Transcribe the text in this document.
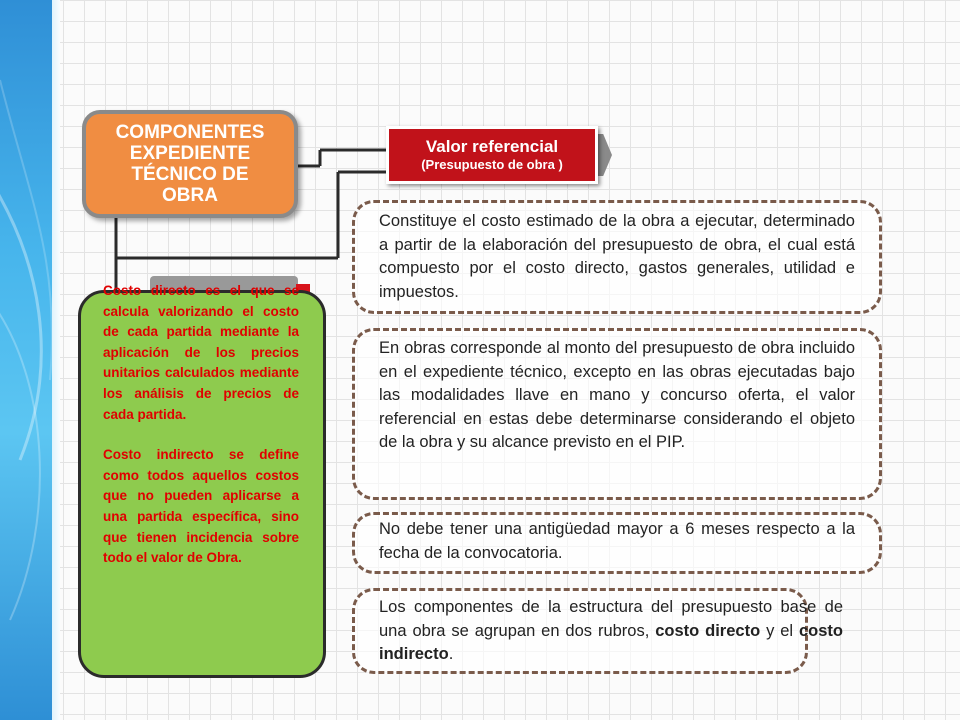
COMPONENTES
EXPEDIENTE
TÉCNICO DE
OBRA
Valor referencial
(Presupuesto de obra )

Costo directo es el que se calcula valorizando el costo de cada partida mediante la aplicación de los precios unitarios calculados mediante los análisis de precios de cada partida.

Costo indirecto se define como todos aquellos costos que no pueden aplicarse a una partida específica, sino que tienen incidencia sobre todo el valor de Obra.

Constituye el costo estimado de la obra a ejecutar, determinado a partir de la elaboración del presupuesto de obra, el cual está compuesto por el costo directo, gastos generales, utilidad e impuestos.

En obras corresponde al monto del presupuesto de obra incluido en el expediente técnico, excepto en las obras ejecutadas bajo las modalidades llave en mano y concurso oferta, el valor referencial en estas debe determinarse considerando el objeto de la obra y su alcance previsto en el PIP.

No debe tener una antigüedad mayor a 6 meses respecto a la fecha de la convocatoria.

Los componentes de la estructura del presupuesto base de una obra se agrupan en dos rubros, costo directo y el costo indirecto.
